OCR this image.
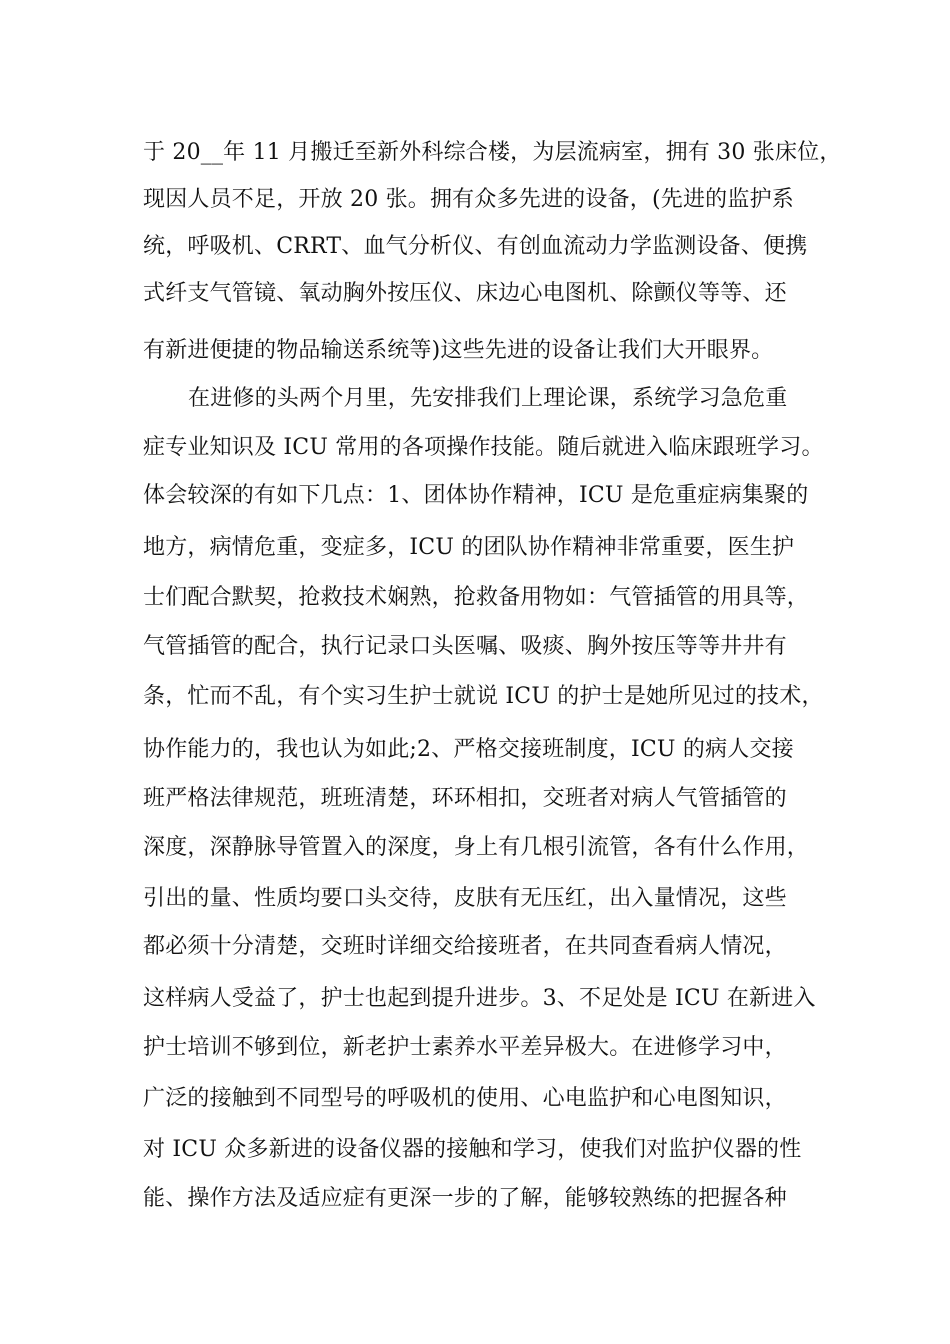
于 20__年 11 月搬迁至新外科综合楼，为层流病室，拥有 30 张床位，
现因人员不足，开放 20 张。拥有众多先进的设备，(先进的监护系
统，呼吸机、CRRT、血气分析仪、有创血流动力学监测设备、便携
式纤支气管镜、氧动胸外按压仪、床边心电图机、除颤仪等等、还
有新进便捷的物品输送系统等)这些先进的设备让我们大开眼界。
在进修的头两个月里，先安排我们上理论课，系统学习急危重
症专业知识及 ICU 常用的各项操作技能。随后就进入临床跟班学习。
体会较深的有如下几点：1、团体协作精神，ICU 是危重症病集聚的
地方，病情危重，变症多，ICU 的团队协作精神非常重要，医生护
士们配合默契，抢救技术娴熟，抢救备用物如：气管插管的用具等，
气管插管的配合，执行记录口头医嘱、吸痰、胸外按压等等井井有
条，忙而不乱，有个实习生护士就说 ICU 的护士是她所见过的技术，
协作能力的，我也认为如此;2、严格交接班制度，ICU 的病人交接
班严格法律规范，班班清楚，环环相扣，交班者对病人气管插管的
深度，深静脉导管置入的深度，身上有几根引流管，各有什么作用，
引出的量、性质均要口头交待，皮肤有无压红，出入量情况，这些
都必须十分清楚，交班时详细交给接班者，在共同查看病人情况，
这样病人受益了，护士也起到提升进步。3、不足处是 ICU 在新进入
护士培训不够到位，新老护士素养水平差异极大。在进修学习中，
广泛的接触到不同型号的呼吸机的使用、心电监护和心电图知识，
对 ICU 众多新进的设备仪器的接触和学习，使我们对监护仪器的性
能、操作方法及适应症有更深一步的了解，能够较熟练的把握各种
